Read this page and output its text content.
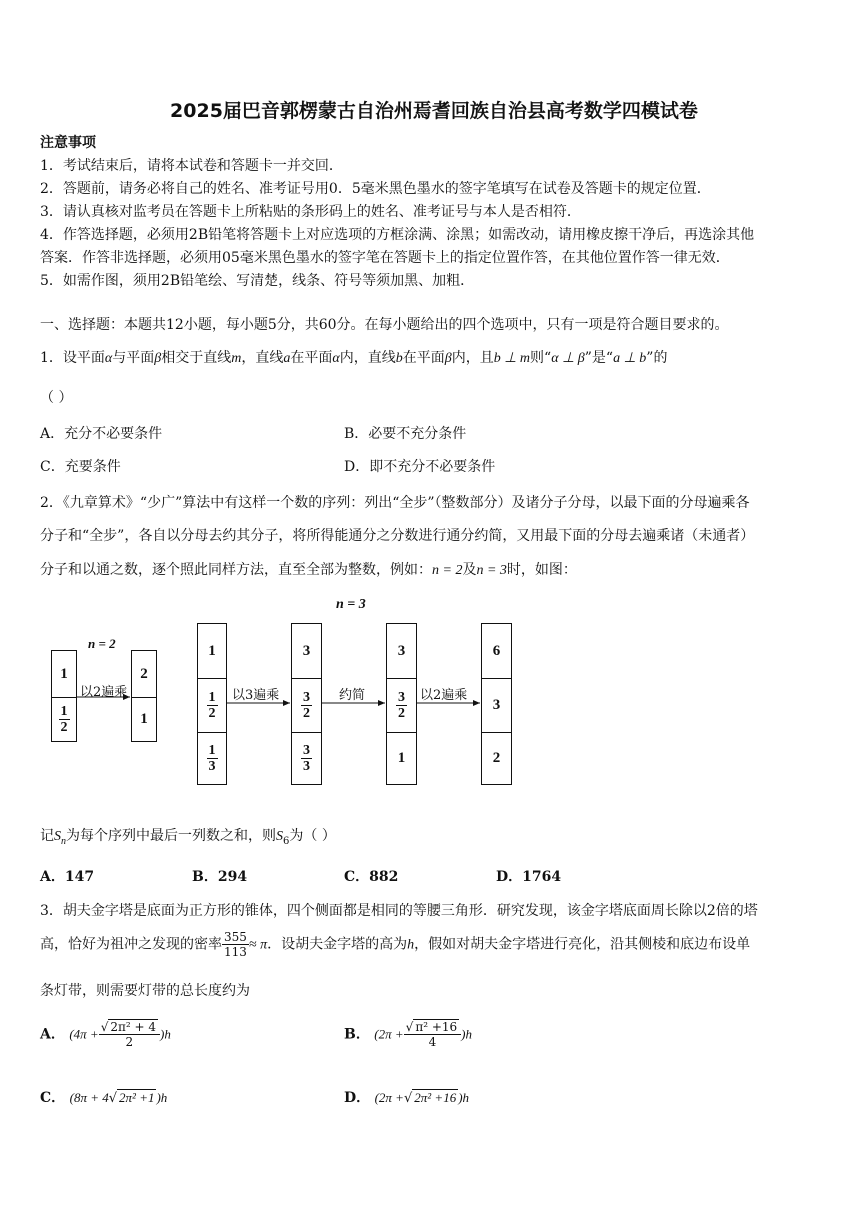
2025届巴音郭楞蒙古自治州焉耆回族自治县高考数学四模试卷
注意事项
1．考试结束后，请将本试卷和答题卡一并交回．
2．答题前，请务必将自己的姓名、准考证号用0．5毫米黑色墨水的签字笔填写在试卷及答题卡的规定位置．
3．请认真核对监考员在答题卡上所粘贴的条形码上的姓名、准考证号与本人是否相符．
4．作答选择题，必须用2B铅笔将答题卡上对应选项的方框涂满、涂黑；如需改动，请用橡皮擦干净后，再选涂其他
答案．作答非选择题，必须用05毫米黑色墨水的签字笔在答题卡上的指定位置作答，在其他位置作答一律无效．
5．如需作图，须用2B铅笔绘、写清楚，线条、符号等须加黑、加粗．
一、选择题：本题共12小题，每小题5分，共60分。在每小题给出的四个选项中，只有一项是符合题目要求的。
1．设平面α与平面β相交于直线m，直线a在平面α内，直线b在平面β内，且b ⊥ m则“α ⊥ β”是“a ⊥ b”的
（ ）
A．充分不必要条件	B．必要不充分条件
C．充要条件	D．即不充分不必要条件
2．《九章算术》“少广”算法中有这样一个数的序列：列出“全步”（整数部分）及诸分子分母，以最下面的分母遍乘各
分子和“全步”，各自以分母去约其分子，将所得能通分之分数进行通分约简，又用最下面的分母去遍乘诸（未通者）
分子和以通之数，逐个照此同样方法，直至全部为整数，例如：n = 2及n = 3时，如图：
n = 2
以2遍乘
1
1
2
2
1
n = 3
以3遍乘	约简	以2遍乘
1
1
2
1
3
3
3
2
3
3
3
3
2
1
6
3
2
记$S_n$为每个序列中最后一列数之和，则$S_6$为（ ）
A．147	B．294	C．882	D．1764
3．胡夫金字塔是底面为正方形的锥体，四个侧面都是相同的等腰三角形．研究发现，该金字塔底面周长除以2倍的塔
高，恰好为祖冲之发现的密率 $\frac{355}{113} \approx \pi$．设胡夫金字塔的高为h，假如对胡夫金字塔进行亮化，沿其侧棱和底边布设单
条灯带，则需要灯带的总长度约为
A． $(4\pi + \frac{\text{√ 2π² + 4}}{2} )h$	B． $(2\pi + \frac{\text{√ π² +16}}{4} )h$
C． (8π + 4√ 2π² +1 )h	D． (2π +√ 2π² +16 )h
